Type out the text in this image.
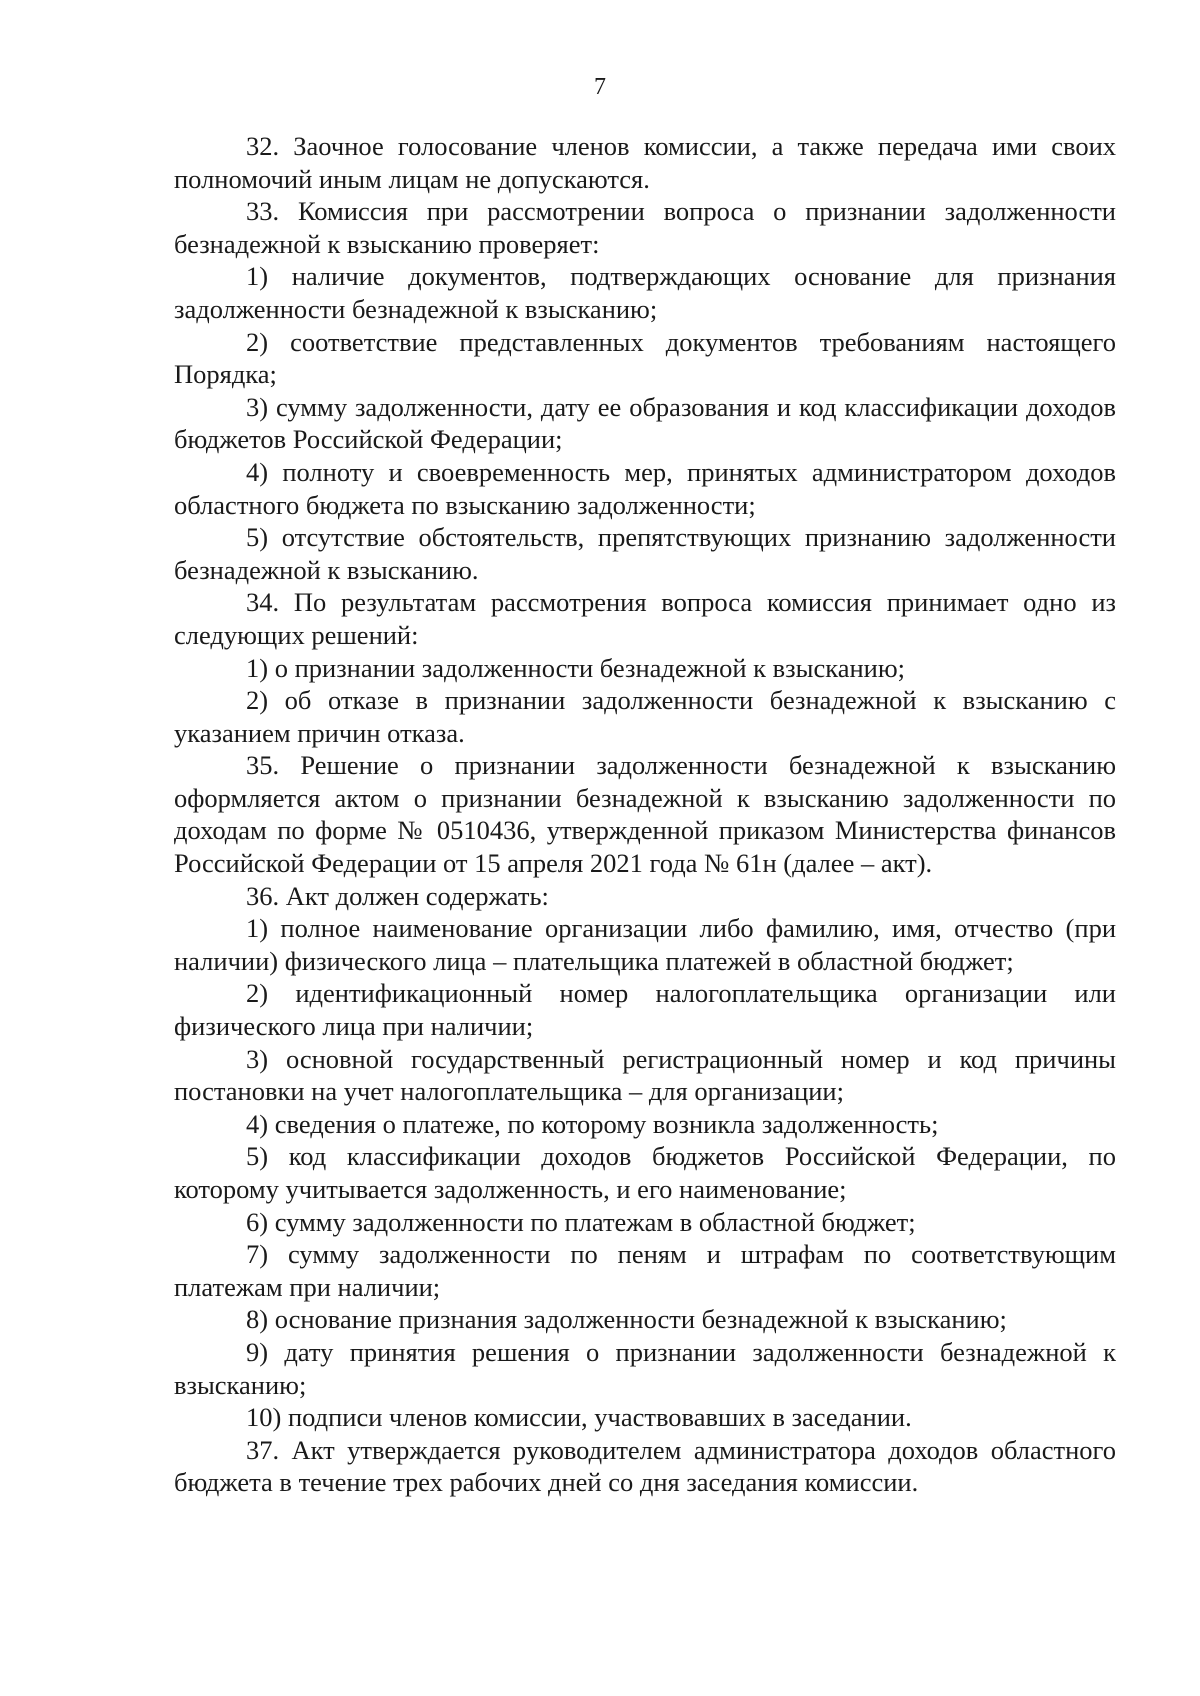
7

32. Заочное голосование членов комиссии, а также передача ими своих полномочий иным лицам не допускаются.

33. Комиссия при рассмотрении вопроса о признании задолженности безнадежной к взысканию проверяет:

1) наличие документов, подтверждающих основание для признания задолженности безнадежной к взысканию;

2) соответствие представленных документов требованиям настоящего Порядка;

3) сумму задолженности, дату ее образования и код классификации доходов бюджетов Российской Федерации;

4) полноту и своевременность мер, принятых администратором доходов областного бюджета по взысканию задолженности;

5) отсутствие обстоятельств, препятствующих признанию задолженности безнадежной к взысканию.

34. По результатам рассмотрения вопроса комиссия принимает одно из следующих решений:

1) о признании задолженности безнадежной к взысканию;

2) об отказе в признании задолженности безнадежной к взысканию с указанием причин отказа.

35. Решение о признании задолженности безнадежной к взысканию оформляется актом о признании безнадежной к взысканию задолженности по доходам по форме № 0510436, утвержденной приказом Министерства финансов Российской Федерации от 15 апреля 2021 года № 61н (далее – акт).

36. Акт должен содержать:

1) полное наименование организации либо фамилию, имя, отчество (при наличии) физического лица – плательщика платежей в областной бюджет;

2) идентификационный номер налогоплательщика организации или физического лица при наличии;

3) основной государственный регистрационный номер и код причины постановки на учет налогоплательщика – для организации;

4) сведения о платеже, по которому возникла задолженность;

5) код классификации доходов бюджетов Российской Федерации, по которому учитывается задолженность, и его наименование;

6) сумму задолженности по платежам в областной бюджет;

7) сумму задолженности по пеням и штрафам по соответствующим платежам при наличии;

8) основание признания задолженности безнадежной к взысканию;

9) дату принятия решения о признании задолженности безнадежной к взысканию;

10) подписи членов комиссии, участвовавших в заседании.

37. Акт утверждается руководителем администратора доходов областного бюджета в течение трех рабочих дней со дня заседания комиссии.
